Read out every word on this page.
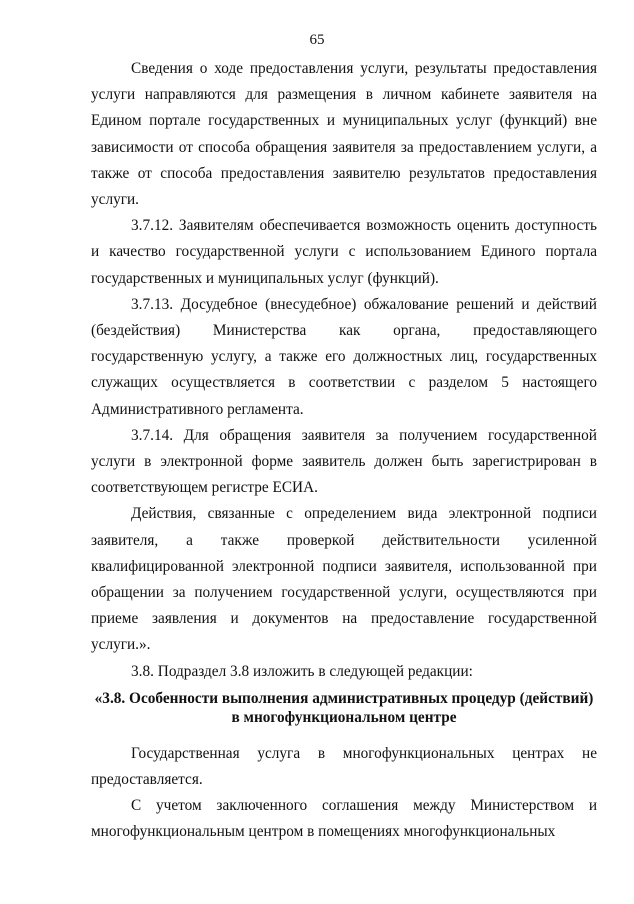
65

Сведения о ходе предоставления услуги, результаты предоставления услуги направляются для размещения в личном кабинете заявителя на Едином портале государственных и муниципальных услуг (функций) вне зависимости от способа обращения заявителя за предоставлением услуги, а также от способа предоставления заявителю результатов предоставления услуги.

3.7.12. Заявителям обеспечивается возможность оценить доступность и качество государственной услуги с использованием Единого портала государственных и муниципальных услуг (функций).

3.7.13. Досудебное (внесудебное) обжалование решений и действий (бездействия) Министерства как органа, предоставляющего государственную услугу, а также его должностных лиц, государственных служащих осуществляется в соответствии с разделом 5 настоящего Административного регламента.

3.7.14. Для обращения заявителя за получением государственной услуги в электронной форме заявитель должен быть зарегистрирован в соответствующем регистре ЕСИА.

Действия, связанные с определением вида электронной подписи заявителя, а также проверкой действительности усиленной квалифицированной электронной подписи заявителя, использованной при обращении за получением государственной услуги, осуществляются при приеме заявления и документов на предоставление государственной услуги.».

3.8. Подраздел 3.8 изложить в следующей редакции:

«3.8. Особенности выполнения административных процедур (действий) в многофункциональном центре

Государственная услуга в многофункциональных центрах не предоставляется.

С учетом заключенного соглашения между Министерством и многофункциональным центром в помещениях многофункциональных
